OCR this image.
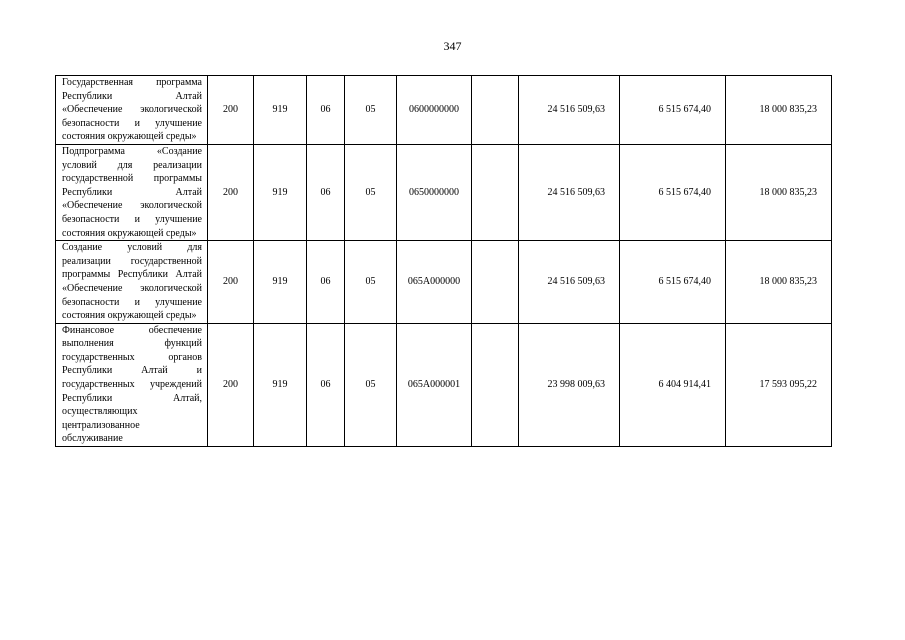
347
Государственная программа Республики Алтай «Обеспечение экологической безопасности и улучшение состояния окружающей среды»	200	919	06	05	0600000000		24 516 509,63	6 515 674,40	18 000 835,23
Подпрограмма «Создание условий для реализации государственной программы Республики Алтай «Обеспечение экологической безопасности и улучшение состояния окружающей среды»	200	919	06	05	0650000000		24 516 509,63	6 515 674,40	18 000 835,23
Создание условий для реализации государственной программы Республики Алтай «Обеспечение экологической безопасности и улучшение состояния окружающей среды»	200	919	06	05	065А000000		24 516 509,63	6 515 674,40	18 000 835,23
Финансовое обеспечение выполнения функций государственных органов Республики Алтай и государственных учреждений Республики Алтай, осуществляющих централизованное обслуживание	200	919	06	05	065А000001		23 998 009,63	6 404 914,41	17 593 095,22
